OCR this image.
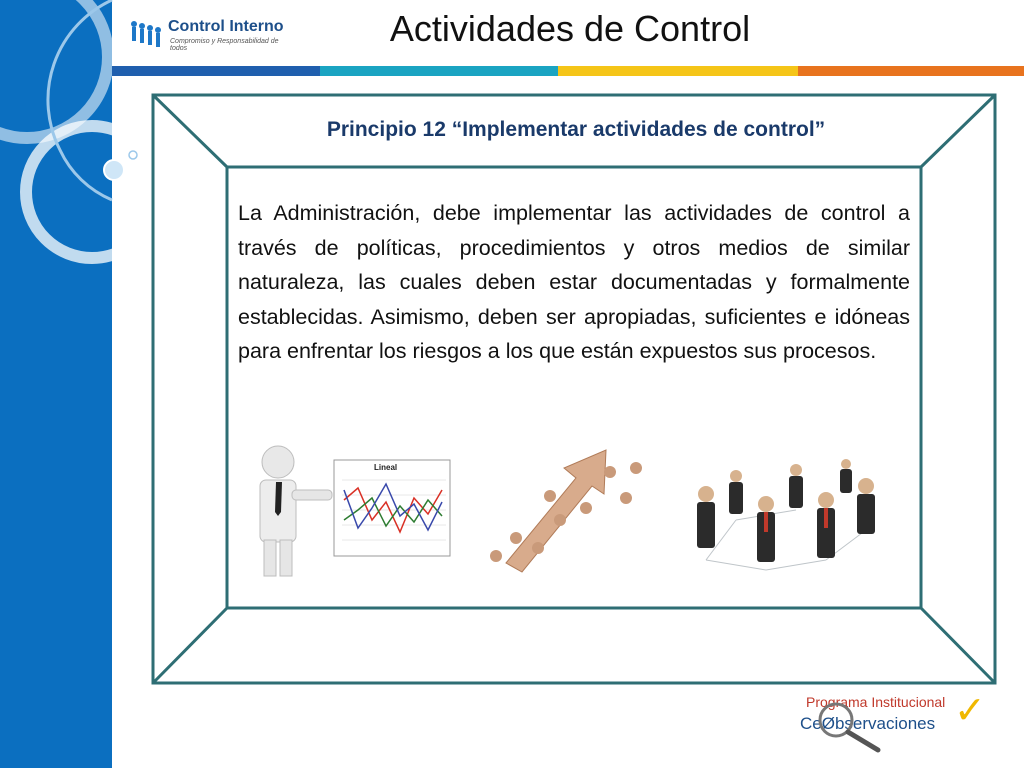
Control Interno
Compromiso y Responsabilidad de todos	Actividades de Control
Principio 12 “Implementar actividades de control”
La Administración, debe implementar las actividades de control a través de políticas, procedimientos y otros medios de similar naturaleza, las cuales deben estar documentadas y formalmente establecidas. Asimismo, deben ser apropiadas, suficientes e idóneas para enfrentar los riesgos a los que están expuestos sus procesos.
Lineal
Programa Institucional
CeØbservaciones ✓
